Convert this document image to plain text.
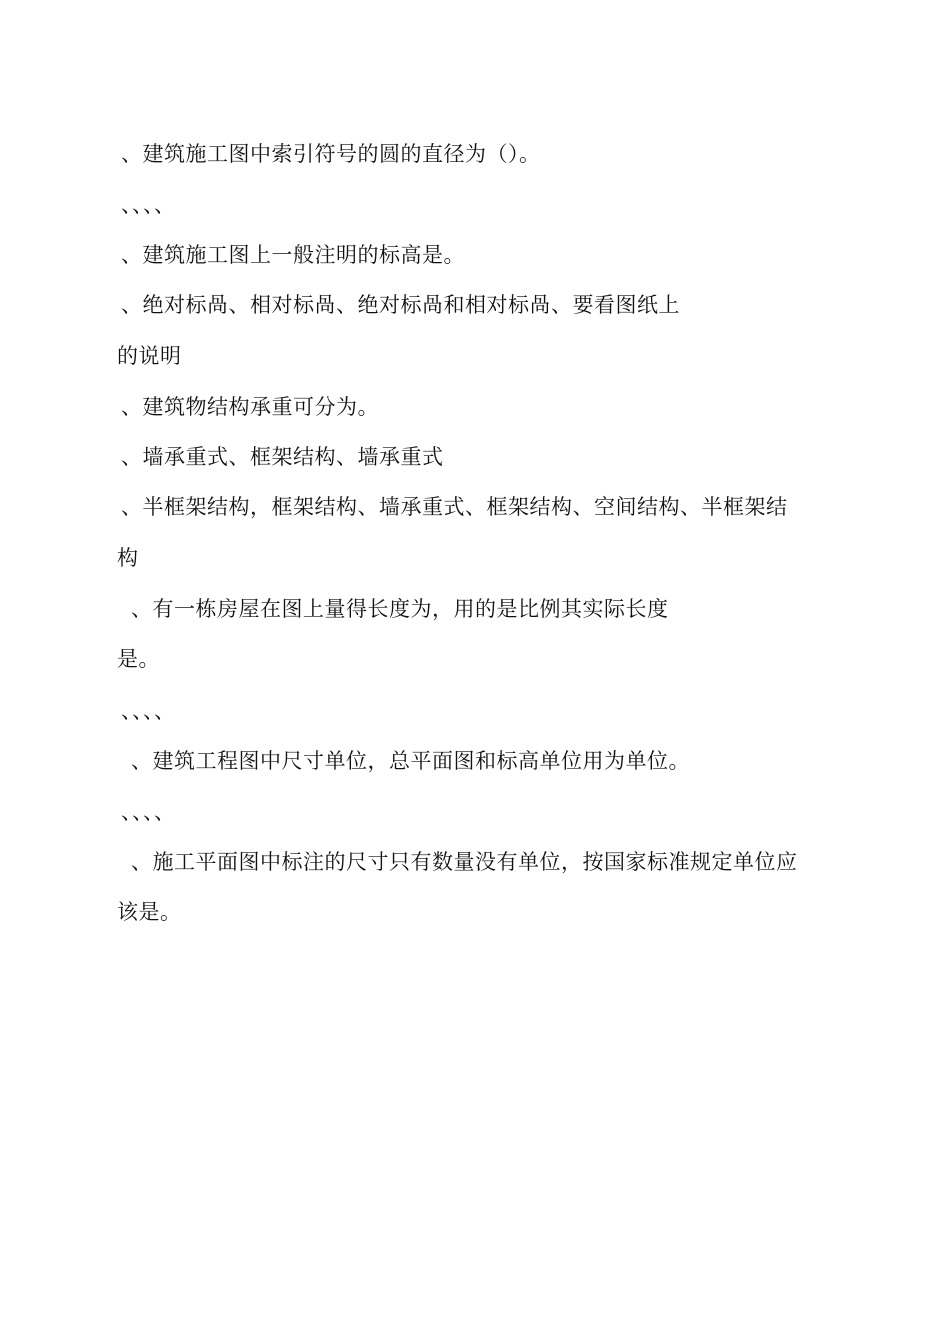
、建筑施工图中索引符号的圆的直径为（）。
、、、、
、建筑施工图上一般注明的标高是。
、绝对标咼、相对标咼、绝对标咼和相对标咼、要看图纸上
的说明
、建筑物结构承重可分为。
、墙承重式、框架结构、墙承重式
、半框架结构，框架结构、墙承重式、框架结构、空间结构、半框架结
构
、有一栋房屋在图上量得长度为，用的是比例其实际长度
是。
、、、、
、建筑工程图中尺寸单位，总平面图和标高单位用为单位。
、、、、
、施工平面图中标注的尺寸只有数量没有单位，按国家标准规定单位应
该是。
